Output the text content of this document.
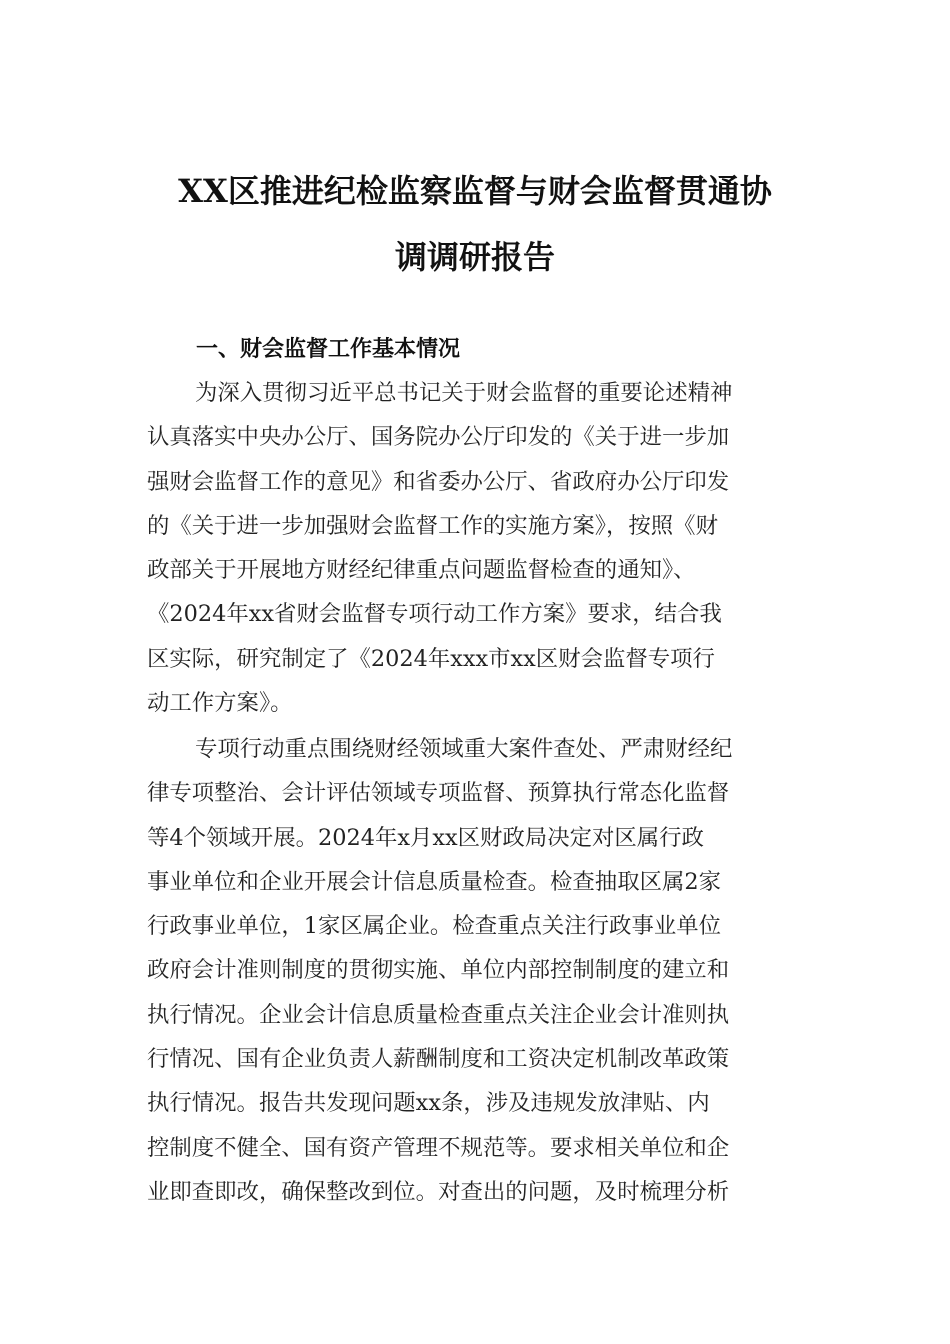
XX区推进纪检监察监督与财会监督贯通协
调调研报告
一、财会监督工作基本情况
为深入贯彻习近平总书记关于财会监督的重要论述精神
认真落实中央办公厅、国务院办公厅印发的《关于进一步加
强财会监督工作的意见》和省委办公厅、省政府办公厅印发
的《关于进一步加强财会监督工作的实施方案》，按照《财
政部关于开展地方财经纪律重点问题监督检查的通知》、
《2024年xx省财会监督专项行动工作方案》要求，结合我
区实际，研究制定了《2024年xxx市xx区财会监督专项行
动工作方案》。
专项行动重点围绕财经领域重大案件查处、严肃财经纪
律专项整治、会计评估领域专项监督、预算执行常态化监督
等4个领域开展。2024年x月xx区财政局决定对区属行政
事业单位和企业开展会计信息质量检查。检查抽取区属2家
行政事业单位，1家区属企业。检查重点关注行政事业单位
政府会计准则制度的贯彻实施、单位内部控制制度的建立和
执行情况。企业会计信息质量检查重点关注企业会计准则执
行情况、国有企业负责人薪酬制度和工资决定机制改革政策
执行情况。报告共发现问题xx条，涉及违规发放津贴、内
控制度不健全、国有资产管理不规范等。要求相关单位和企
业即查即改，确保整改到位。对查出的问题，及时梳理分析
